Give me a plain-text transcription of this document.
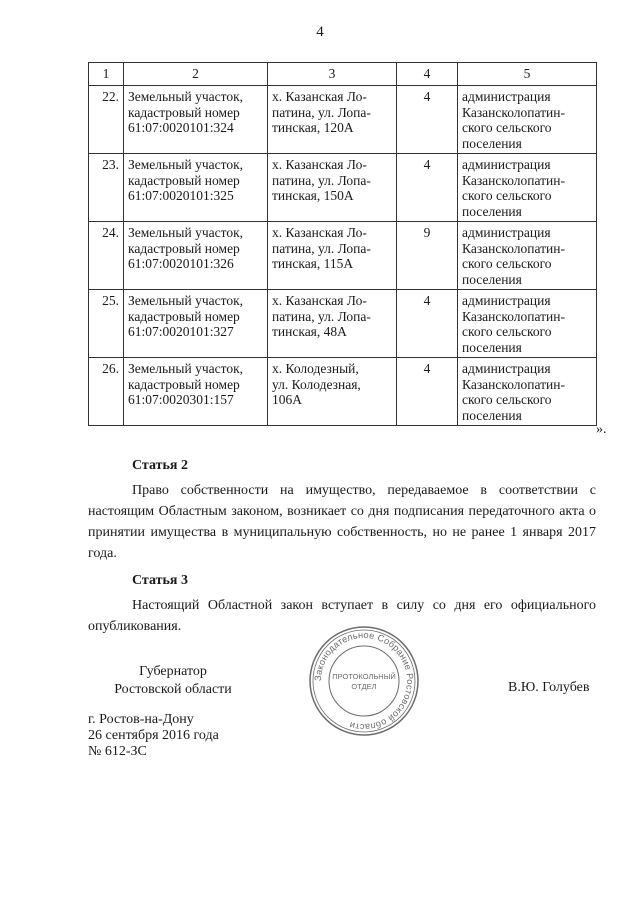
4
1	2	3	4	5
22.	Земельный участок,
кадастровый номер
61:07:0020101:324	х. Казанская Ло-
патина, ул. Лопа-
тинская, 120А	4	администрация
Казансколопатин-
ского сельского
поселения

23.	Земельный участок,
кадастровый номер
61:07:0020101:325	х. Казанская Ло-
патина, ул. Лопа-
тинская, 150А	4	администрация
Казансколопатин-
ского сельского
поселения

24.	Земельный участок,
кадастровый номер
61:07:0020101:326	х. Казанская Ло-
патина, ул. Лопа-
тинская, 115А	9	администрация
Казансколопатин-
ского сельского
поселения

25.	Земельный участок,
кадастровый номер
61:07:0020101:327	х. Казанская Ло-
патина, ул. Лопа-
тинская, 48А	4	администрация
Казансколопатин-
ского сельского
поселения

26.	Земельный участок,
кадастровый номер
61:07:0020301:157	х. Колодезный,
ул. Колодезная,
106А	4	администрация
Казансколопатин-
ского сельского
поселения
».
Статья 2

Право собственности на имущество, передаваемое в соответствии с настоящим Областным законом, возникает со дня подписания передаточного акта о принятии имущества в муниципальную собственность, но не ранее 1 января 2017 года.

Статья 3

Настоящий Областной закон вступает в силу со дня его официального опубликования.

Губернатор
Ростовской области
Законодательное Собрание Ростовской области
ПРОТОКОЛЬНЫЙ
ОТДЕЛ	В.Ю. Голубев
г. Ростов-на-Дону
26 сентября 2016 года
№ 612-ЗС
